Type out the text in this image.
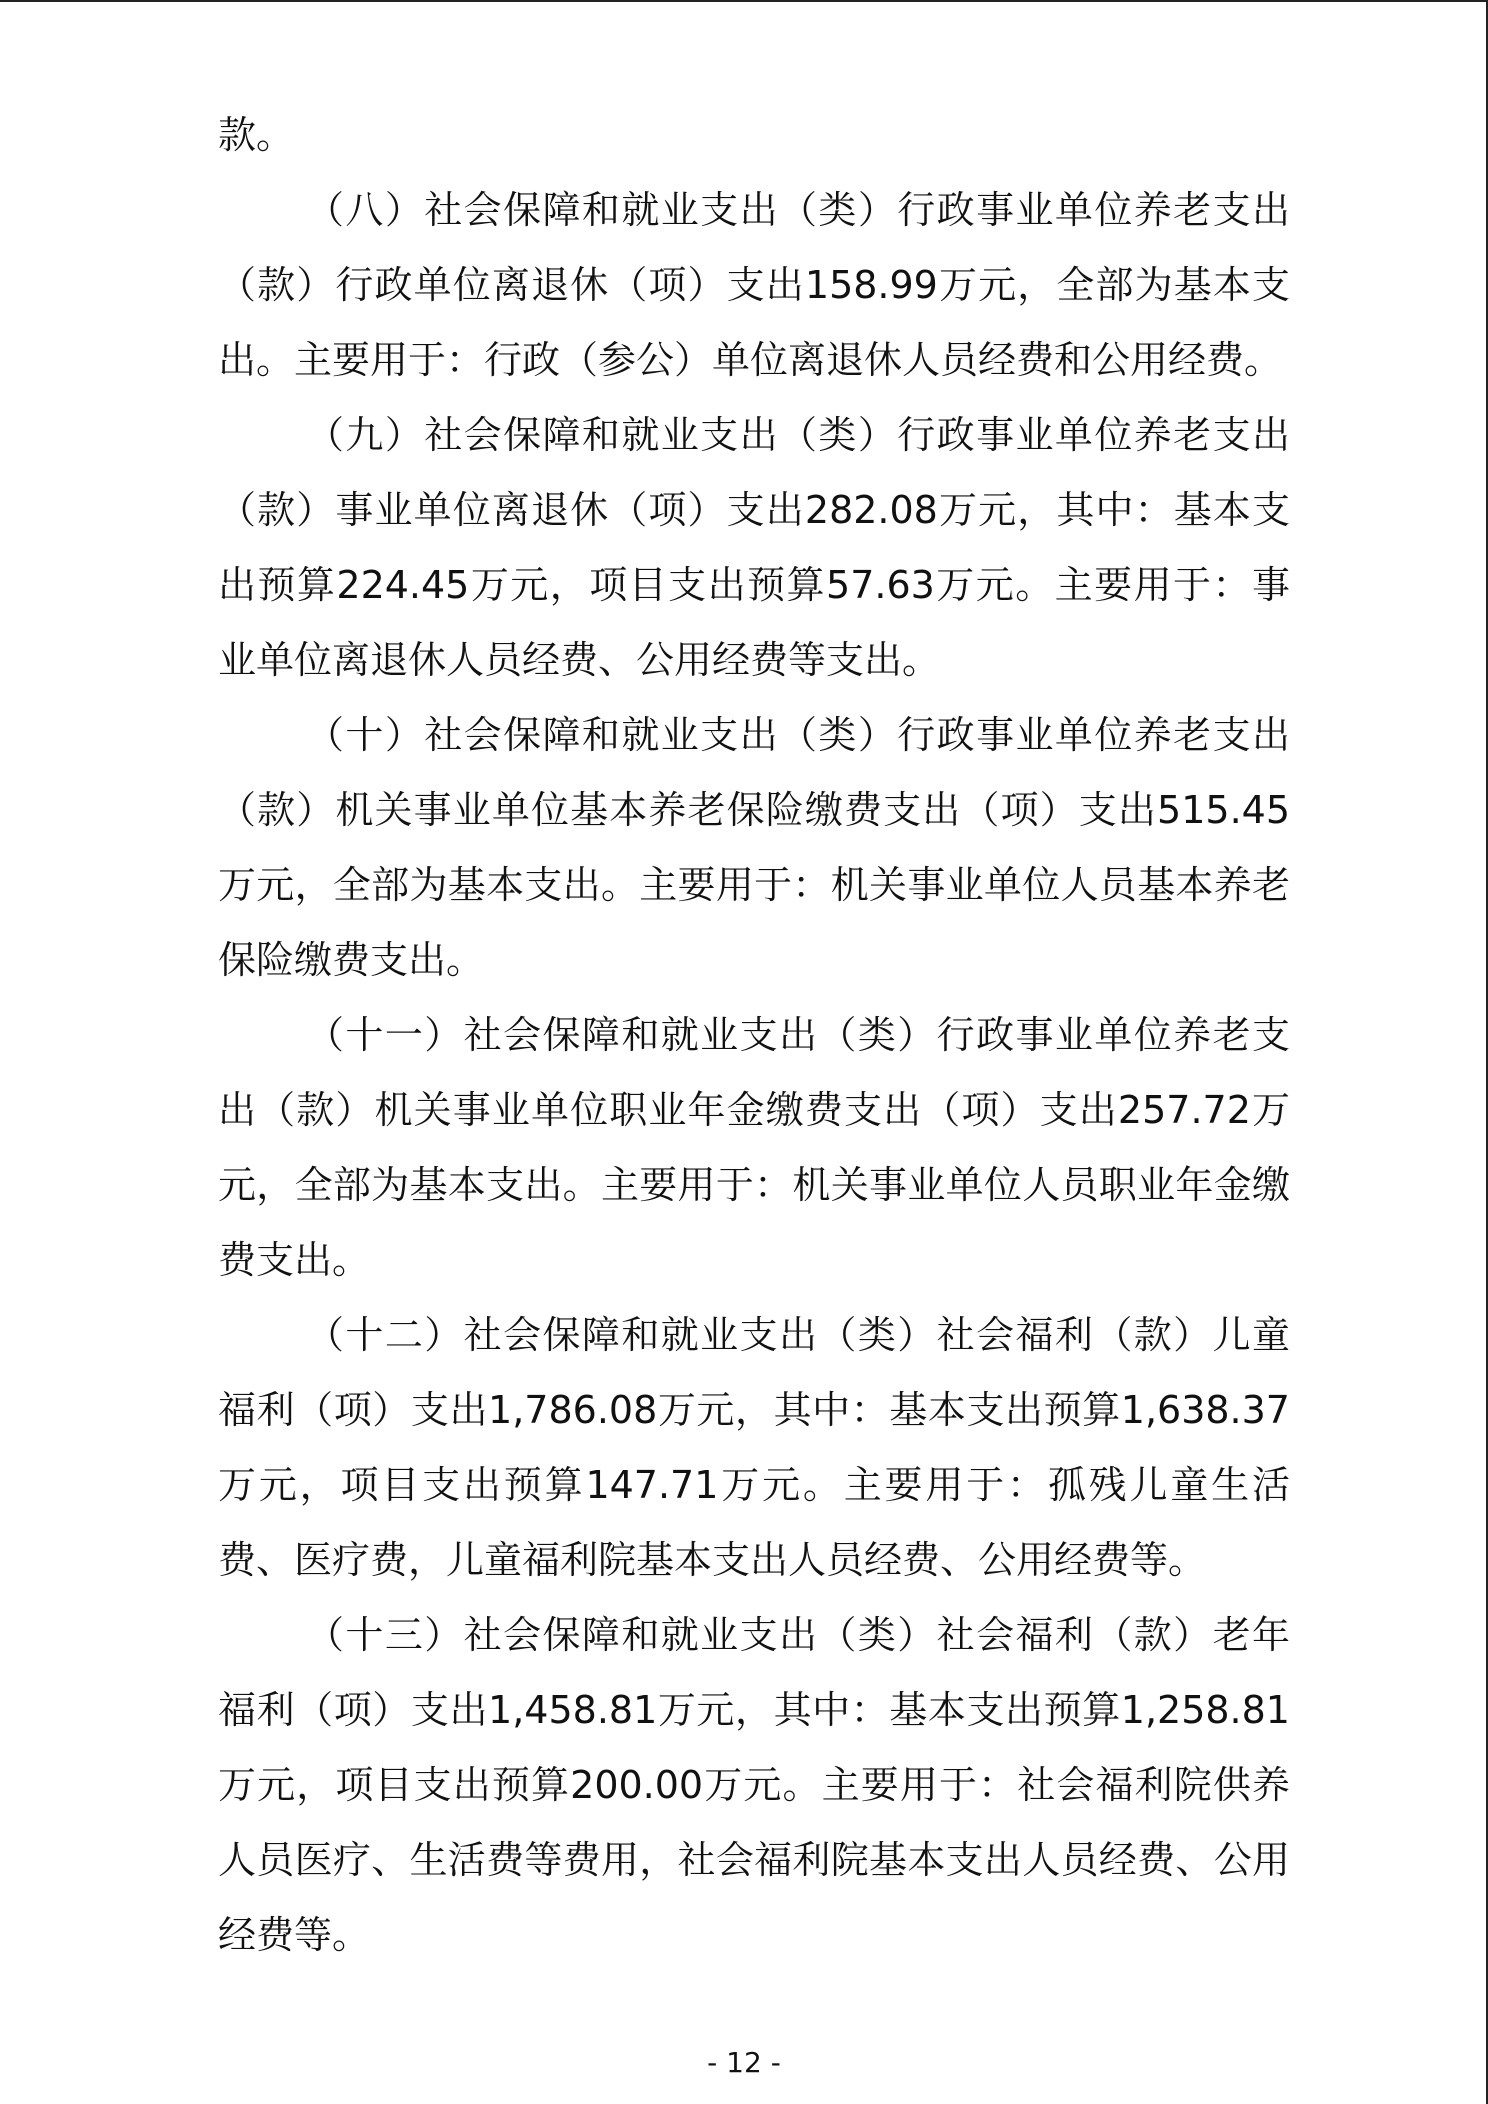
款。

（八）社会保障和就业支出（类）行政事业单位养老支出（款）行政单位离退休（项）支出158.99万元，全部为基本支出。主要用于：行政（参公）单位离退休人员经费和公用经费。

（九）社会保障和就业支出（类）行政事业单位养老支出（款）事业单位离退休（项）支出282.08万元，其中：基本支出预算224.45万元，项目支出预算57.63万元。主要用于：事业单位离退休人员经费、公用经费等支出。

（十）社会保障和就业支出（类）行政事业单位养老支出（款）机关事业单位基本养老保险缴费支出（项）支出515.45万元，全部为基本支出。主要用于：机关事业单位人员基本养老保险缴费支出。

（十一）社会保障和就业支出（类）行政事业单位养老支出（款）机关事业单位职业年金缴费支出（项）支出257.72万元，全部为基本支出。主要用于：机关事业单位人员职业年金缴费支出。

（十二）社会保障和就业支出（类）社会福利（款）儿童福利（项）支出1,786.08万元，其中：基本支出预算1,638.37万元，项目支出预算147.71万元。主要用于：孤残儿童生活费、医疗费，儿童福利院基本支出人员经费、公用经费等。

（十三）社会保障和就业支出（类）社会福利（款）老年福利（项）支出1,458.81万元，其中：基本支出预算1,258.81万元，项目支出预算200.00万元。主要用于：社会福利院供养人员医疗、生活费等费用，社会福利院基本支出人员经费、公用经费等。

- 12 -
